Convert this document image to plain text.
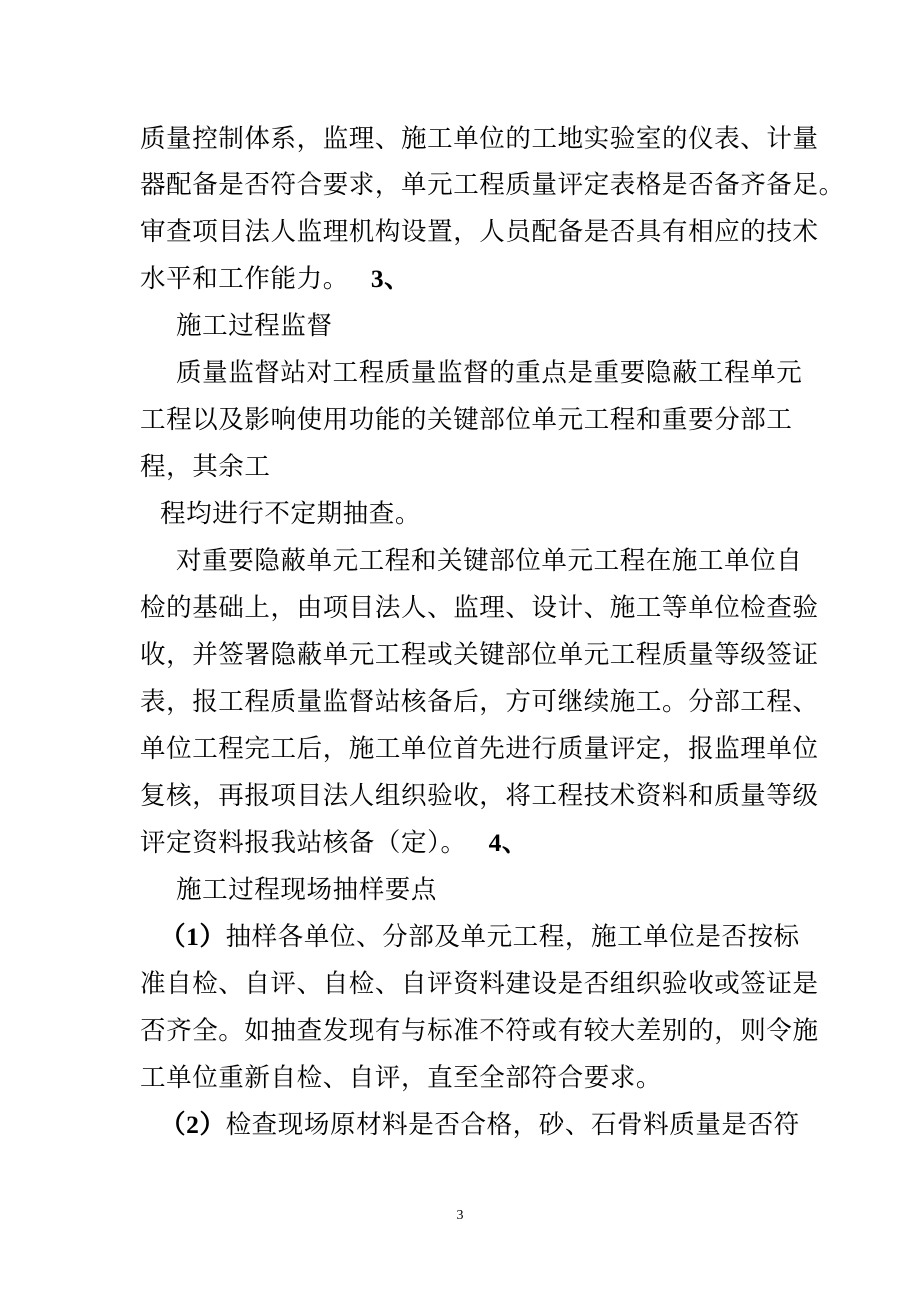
质量控制体系，监理、施工单位的工地实验室的仪表、计量
器配备是否符合要求，单元工程质量评定表格是否备齐备足。
审查项目法人监理机构设置，人员配备是否具有相应的技术
水平和工作能力。 3、
施工过程监督
质量监督站对工程质量监督的重点是重要隐蔽工程单元
工程以及影响使用功能的关键部位单元工程和重要分部工
程，其余工
程均进行不定期抽查。
对重要隐蔽单元工程和关键部位单元工程在施工单位自
检的基础上，由项目法人、监理、设计、施工等单位检查验
收，并签署隐蔽单元工程或关键部位单元工程质量等级签证
表，报工程质量监督站核备后，方可继续施工。分部工程、
单位工程完工后，施工单位首先进行质量评定，报监理单位
复核，再报项目法人组织验收，将工程技术资料和质量等级
评定资料报我站核备（定）。 4、
施工过程现场抽样要点
（1）抽样各单位、分部及单元工程，施工单位是否按标
准自检、自评、自检、自评资料建设是否组织验收或签证是
否齐全。如抽查发现有与标准不符或有较大差别的，则令施
工单位重新自检、自评，直至全部符合要求。
（2）检查现场原材料是否合格，砂、石骨料质量是否符
3
